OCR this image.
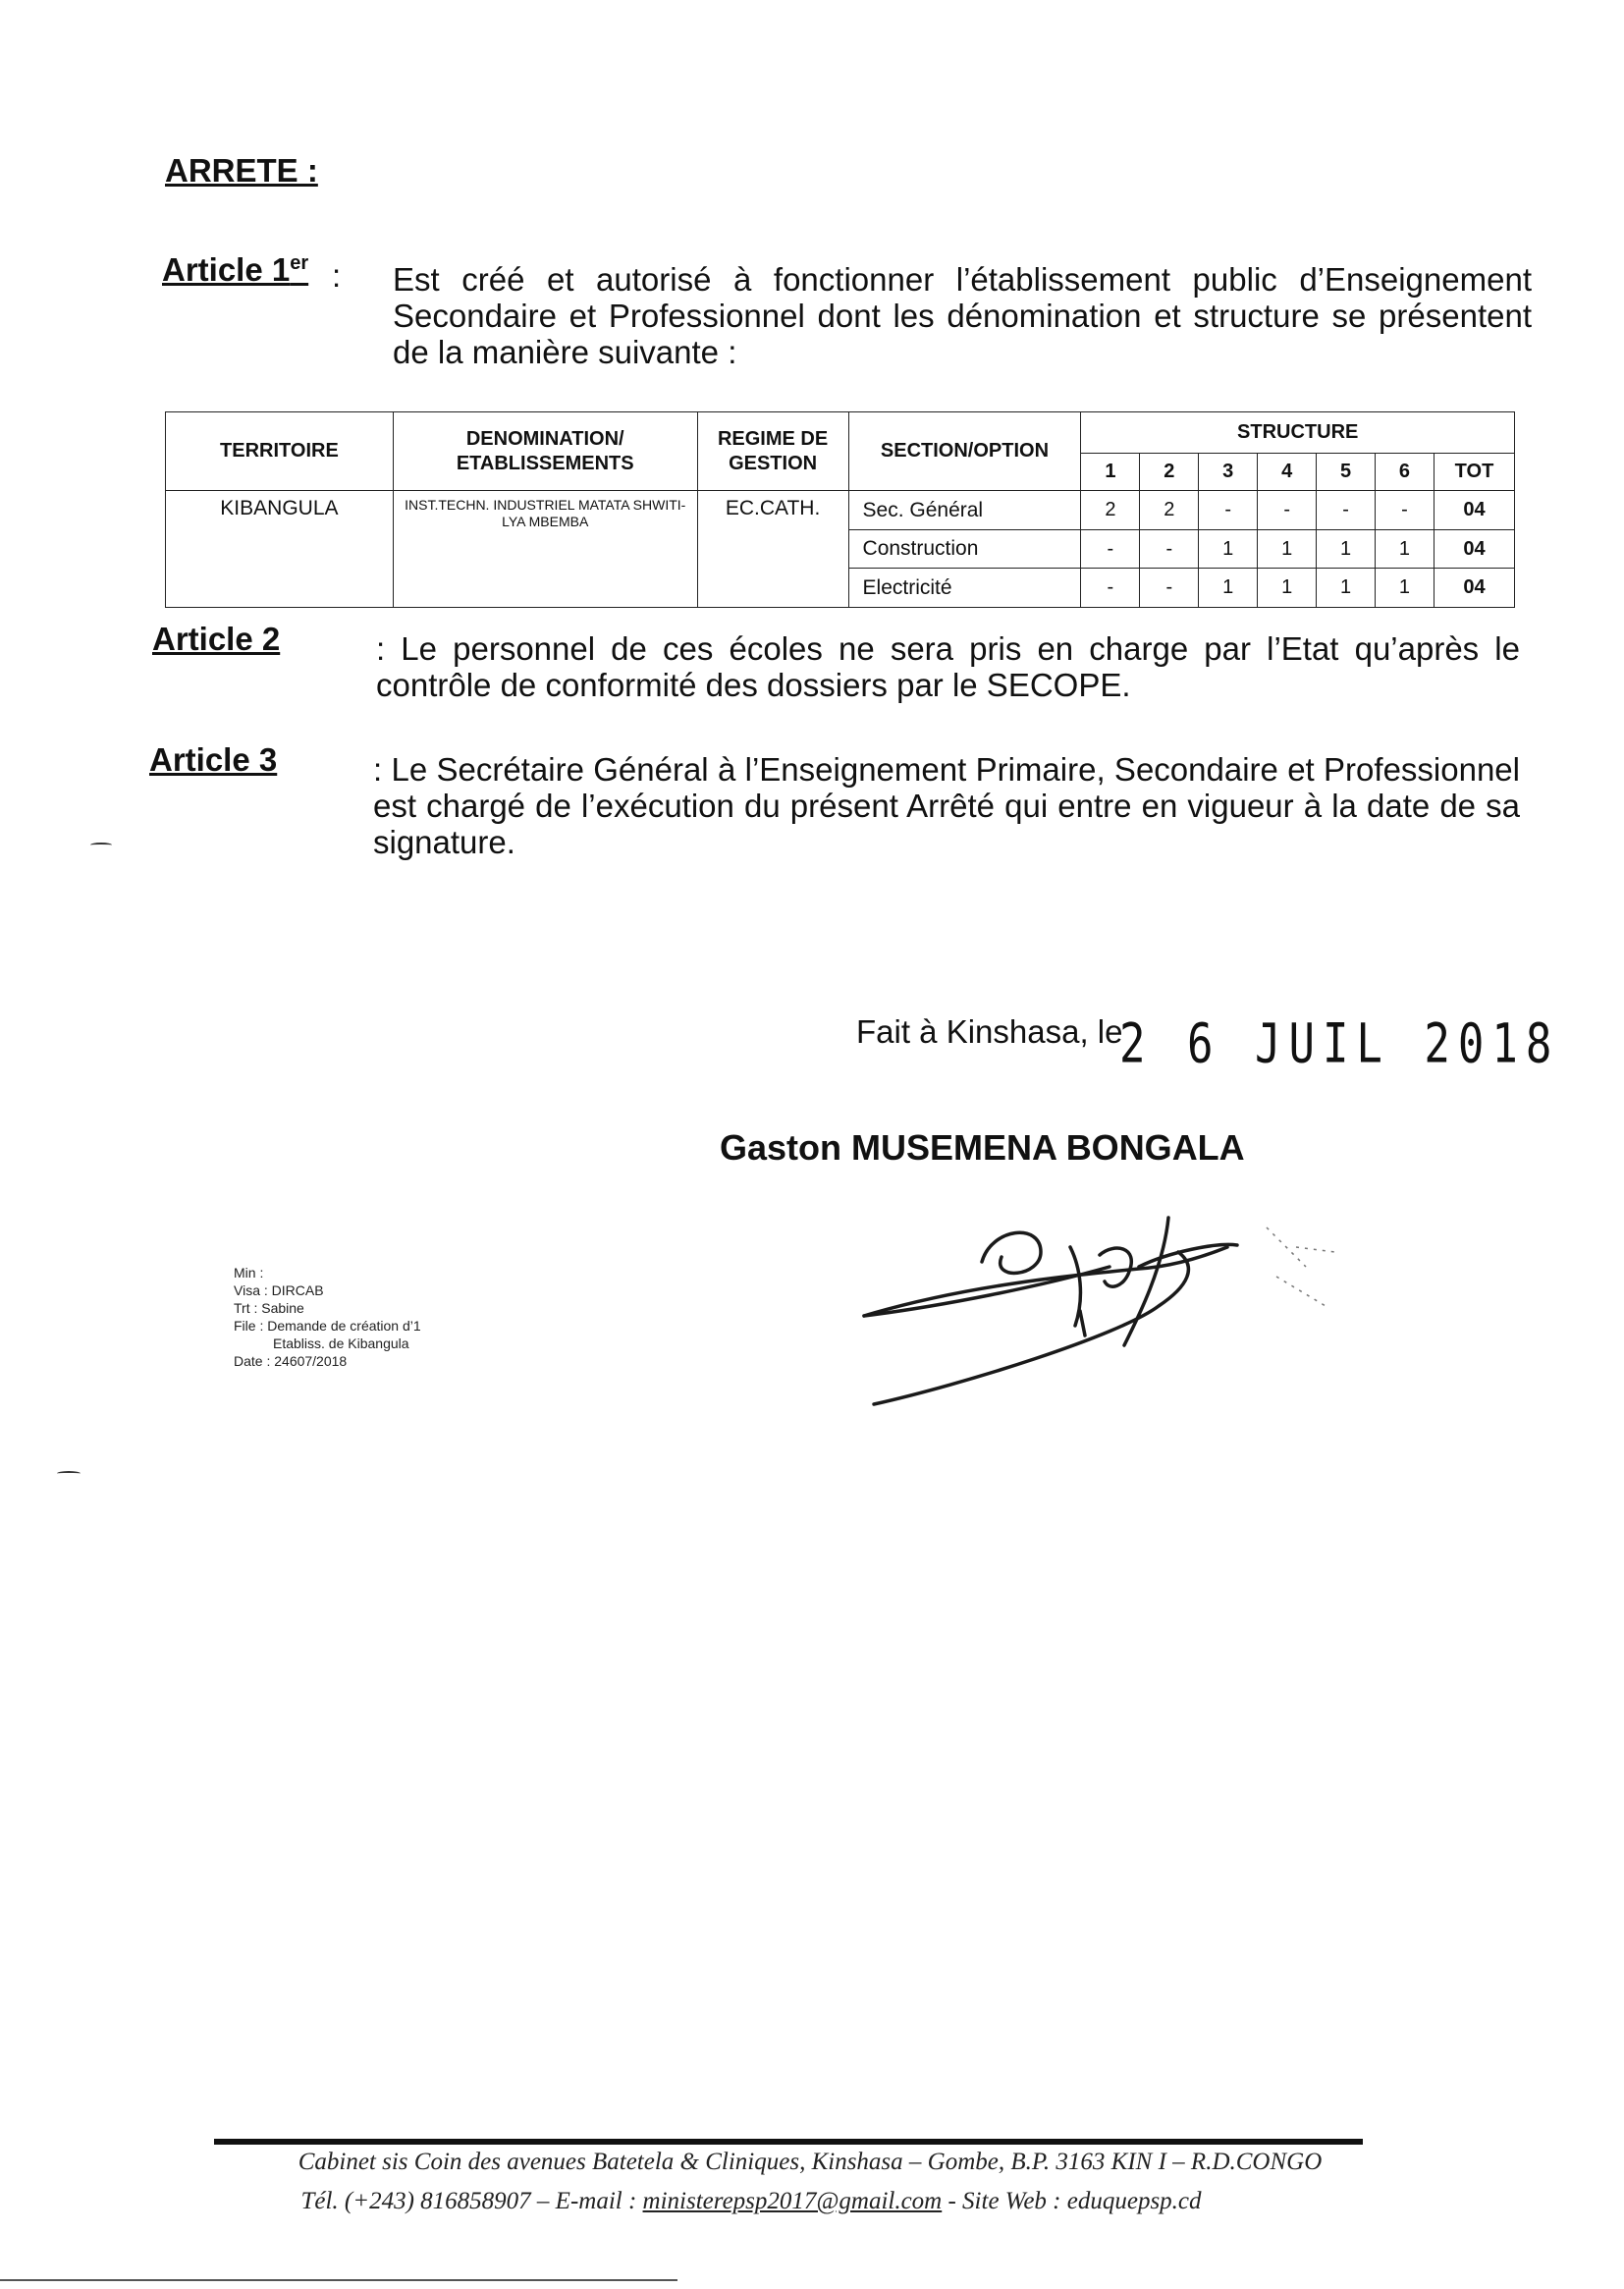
ARRETE :
Article 1er : Est créé et autorisé à fonctionner l’établissement public d’Enseignement Secondaire et Professionnel dont les dénomination et structure se présentent de la manière suivante :
TERRITOIRE	DENOMINATION/ ETABLISSEMENTS	REGIME DE GESTION	SECTION/OPTION	STRUCTURE						
				1	2	3	4	5	6	TOT
KIBANGULA	INST.TECHN. INDUSTRIEL MATATA SHWITI-LYA MBEMBA	EC.CATH.	Sec. Général	2	2	-	-	-	-	04
			Construction	-	-	1	1	1	1	04
			Electricité	-	-	1	1	1	1	04
Article 2	: Le personnel de ces écoles ne sera pris en charge par l’Etat qu’après le contrôle de conformité des dossiers par le SECOPE.
Article 3	: Le Secrétaire Général à l’Enseignement Primaire, Secondaire et Professionnel est chargé de l’exécution du présent Arrêté qui entre en vigueur à la date de sa signature.
Fait à Kinshasa, le
2 6 JUIL 2018
Gaston MUSEMENA BONGALA
Min :
Visa : DIRCAB
Trt : Sabine
File : Demande de création d’1
Etabliss. de Kibangula
Date : 24607/2018
Cabinet sis Coin des avenues Batetela & Cliniques, Kinshasa – Gombe, B.P. 3163 KIN I – R.D.CONGO
Tél. (+243) 816858907 – E-mail : ministerepsp2017@gmail.com - Site Web : eduquepsp.cd
